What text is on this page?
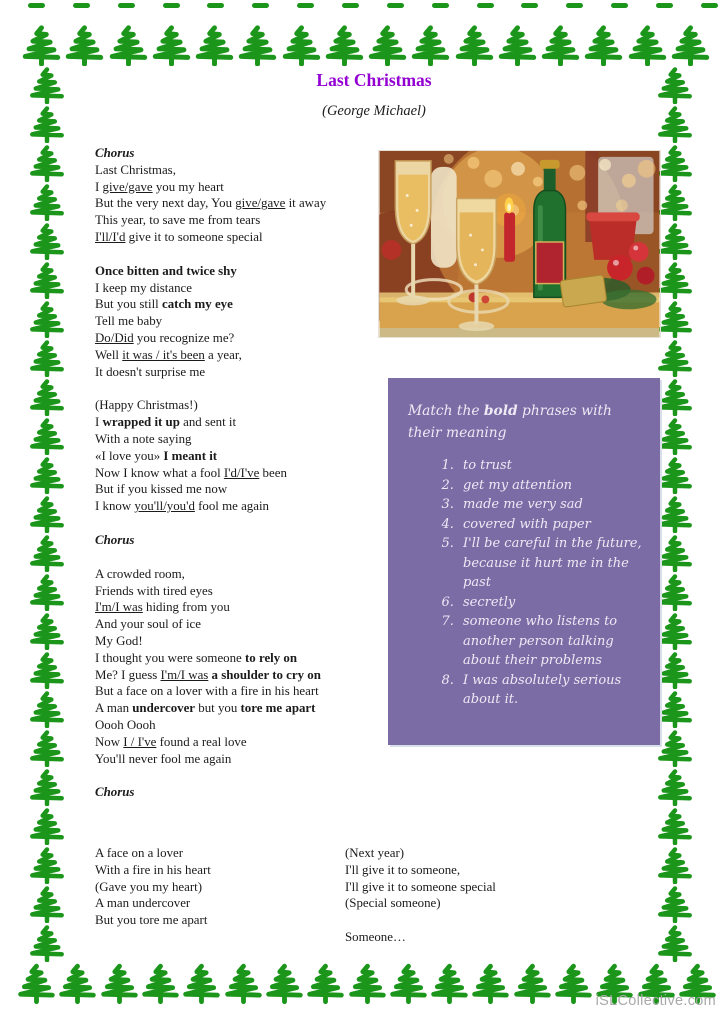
Last Christmas
(George Michael)
Chorus
Last Christmas,
I give/gave you my heart
But the very next day, You give/gave it away
This year, to save me from tears
I'll/I'd give it to someone special
Once bitten and twice shy
I keep my distance
But you still catch my eye
Tell me baby
Do/Did you recognize me?
Well it was / it's been a year,
It doesn't surprise me
(Happy Christmas!)
I wrapped it up and sent it
With a note saying
«I love you» I meant it
Now I know what a fool I'd/I've been
But if you kissed me now
I know you'll/you'd fool me again
Chorus
A crowded room,
Friends with tired eyes
I'm/I was hiding from you
And your soul of ice
My God!
I thought you were someone to rely on
Me? I guess I'm/I was a shoulder to cry on
But a face on a lover with a fire in his heart
A man undercover but you tore me apart
Oooh Oooh
Now I / I've found a real love
You'll never fool me again
Chorus

Match the bold phrases with their meaning

1. to trust
2. get my attention
3. made me very sad
4. covered with paper
5. I'll be careful in the future, because it hurt me in the past
6. secretly
7. someone who listens to another person talking about their problems
8. I was absolutely serious about it.
A face on a lover
With a fire in his heart
(Gave you my heart)
A man undercover
But you tore me apart
(Next year)
I'll give it to someone,
I'll give it to someone special
(Special someone)

Someone…
iSLCollective.com
